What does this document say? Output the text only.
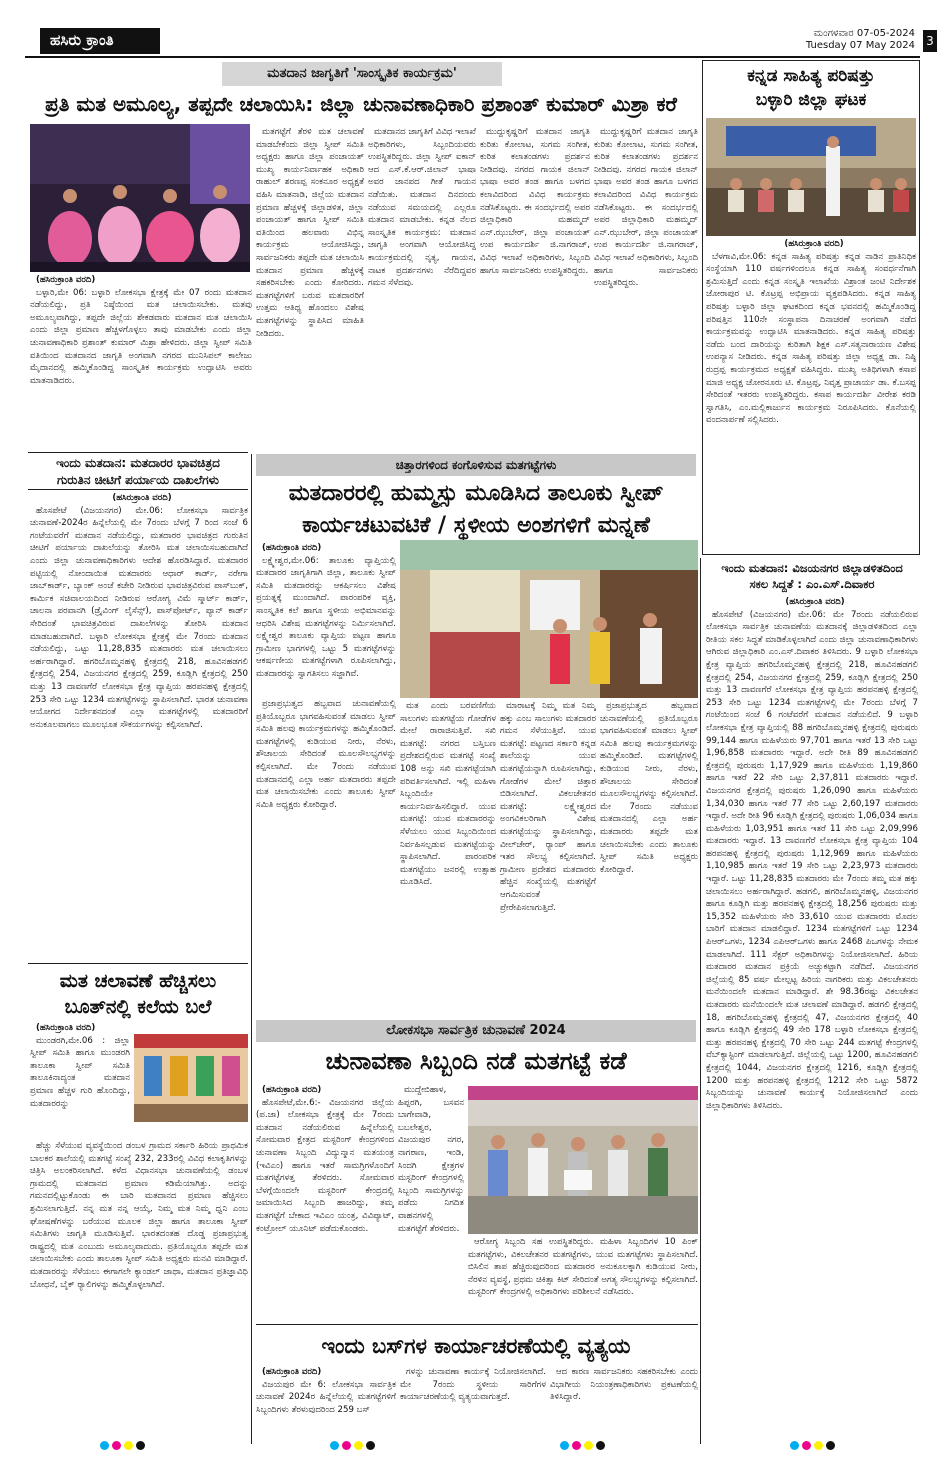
ಹಸಿರು ಕ್ರಾಂತಿ	ಮಂಗಳವಾರ 07-05-2024
Tuesday 07 May 2024 3
ಮತದಾನ ಜಾಗೃತಿಗೆ 'ಸಾಂಸ್ಕೃತಿಕ ಕಾರ್ಯಕ್ರಮ'
ಪ್ರತಿ ಮತ ಅಮೂಲ್ಯ, ತಪ್ಪದೇ ಚಲಾಯಿಸಿ: ಜಿಲ್ಲಾ ಚುನಾವಣಾಧಿಕಾರಿ ಪ್ರಶಾಂತ್ ಕುಮಾರ್ ಮಿಶ್ರಾ ಕರೆ
(ಹಸಿರುಕ್ರಾಂತಿ ವರದಿ)

ಬಳ್ಳಾರಿ,ಮೇ 06: ಬಳ್ಳಾರಿ ಲೋಕಸಭಾ ಕ್ಷೇತ್ರಕ್ಕೆ ಮೇ 07 ರಂದು ಮತದಾನ ನಡೆಯಲಿದ್ದು, ಪ್ರತಿ ನಿಷ್ಠೆಯಿಂದ ಮತ ಚಲಾಯಿಸಬೇಕು. ಮತವು ಅಮೂಲ್ಯವಾಗಿದ್ದು, ತಪ್ಪದೇ ಜಿಲ್ಲೆಯ ಶೇಕಡವಾರು ಮತದಾನ ಮತ ಚಲಾಯಿಸಿ ಎಂದು ಜಿಲ್ಲಾ ಪ್ರಮಾಣ ಹೆಚ್ಚಳಗೊಳ್ಳಲು ತಾವು ಮಾಡಬೇಕು ಎಂದು ಜಿಲ್ಲಾ ಚುನಾವಣಾಧಿಕಾರಿ ಪ್ರಶಾಂತ್ ಕುಮಾರ್ ಮಿಶ್ರಾ ಹೇಳಿದರು. ಜಿಲ್ಲಾ ಸ್ವೀಪ್ ಸಮಿತಿ ವತಿಯಿಂದ ಮತದಾನದ ಜಾಗೃತಿ ಅಂಗವಾಗಿ ನಗರದ ಮುನಿಸಿಪಲ್ ಕಾಲೇಜು ಮೈದಾನದಲ್ಲಿ ಹಮ್ಮಿಕೊಂಡಿದ್ದ ಸಾಂಸ್ಕೃತಿಕ ಕಾರ್ಯಕ್ರಮ ಉದ್ಘಾಟಿಸಿ ಅವರು ಮಾತನಾಡಿದರು.

ಮತಗಟ್ಟೆಗೆ ತೆರಳಿ ಮತ ಚಲಾವಣೆ ಮಾಡಬೇಕೆಂದು ಜಿಲ್ಲಾ ಸ್ವೀಪ್ ಸಮಿತಿ ಅಧ್ಯಕ್ಷರು ಹಾಗೂ ಜಿಲ್ಲಾ ಪಂಚಾಯತ್ ಮುಖ್ಯ ಕಾರ್ಯನಿರ್ವಾಹಕ ಅಧಿಕಾರಿ ರಾಹುಲ್ ಶರಣಪ್ಪ ಸಂಕನೂರ ಅಧ್ಯಕ್ಷತೆ ವಹಿಸಿ ಮಾತನಾಡಿ, ಜಿಲ್ಲೆಯ ಮತದಾನ ಪ್ರಮಾಣ ಹೆಚ್ಚಳಕ್ಕೆ ಜಿಲ್ಲಾಡಳಿತ, ಜಿಲ್ಲಾ ಪಂಚಾಯತ್ ಹಾಗೂ ಸ್ವೀಪ್ ಸಮಿತಿ ವತಿಯಿಂದ ಹಲವಾರು ವಿಭಿನ್ನ ಕಾರ್ಯಕ್ರಮ ಆಯೋಜಿಸಿದ್ದು, ಸಾರ್ವಜನಿಕರು ತಪ್ಪದೇ ಮತ ಚಲಾಯಿಸಿ ಮತದಾನ ಪ್ರಮಾಣ ಹೆಚ್ಚಳಕ್ಕೆ ಸಹಕರಿಸಬೇಕು ಎಂದು ಕೋರಿದರು. ಮತಗಟ್ಟೆಗಳಿಗೆ ಬರುವ ಮತದಾರರಿಗೆ ಉತ್ತಮ ಆತಿಥ್ಯ ಹೊಂದಲು ವಿಶೇಷ ಮತಗಟ್ಟೆಗಳನ್ನು ಸ್ಥಾಪಿಸಿದ ಮಾಹಿತಿ ನೀಡಿದರು.

ಮತದಾನದ ಜಾಗೃತಿಗೆ ವಿವಿಧ ಇಲಾಖೆ ಅಧಿಕಾರಿಗಳು, ಸಿಬ್ಬಂದಿಯವರು ಉಪಸ್ಥಿತರಿದ್ದರು. ಜಿಲ್ಲಾ ಸ್ವೀಪ್ ಐಕಾನ್ ಆದ ಎಸ್.ಕೆ.ಆರ್.ಜಿಲಾನ್ ಭಾಷಾ ಅವರ ಜಾನಪದ ಗೀತೆ ಗಾಯನ ನಡೆಯಿತು. ಮತದಾನ ದಿನದಂದು ನಡೆಯುವ ಸಮಯದಲ್ಲಿ ಎಲ್ಲರೂ ಮತದಾನ ಮಾಡಬೇಕು. ಕನ್ನಡ ನೆಲದ ಸಾಂಸ್ಕೃತಿಕ ಕಾರ್ಯಕ್ರಮ: ಮತದಾನ ಜಾಗೃತಿ ಅಂಗವಾಗಿ ಆಯೋಜಿಸಿದ್ದ ಕಾರ್ಯಕ್ರಮದಲ್ಲಿ ನೃತ್ಯ, ಗಾಯನ, ನಾಟಕ ಪ್ರದರ್ಶನಗಳು ನೆರೆದಿದ್ದವರ ಗಮನ ಸೆಳೆದವು.

ಮುದ್ದುಕೃಷ್ಣರಿಗೆ ಮತದಾನ ಜಾಗೃತಿ ಕುರಿತು ಕೋಲಾಟ, ಸುಗಮ ಸಂಗೀತ, ಕುರಿತ ಕಲಾತಂಡಗಳು ಪ್ರದರ್ಶನ ನೀಡಿದವು. ನಗರದ ಗಾಯಕ ಜಿಲಾನ್ ಭಾಷಾ ಅವರ ತಂಡ ಹಾಗೂ ಬಳಗದ ಕಲಾವಿದರಿಂದ ವಿವಿಧ ಕಾರ್ಯಕ್ರಮ ನಡೆಸಿಕೊಟ್ಟರು. ಈ ಸಂದರ್ಭದಲ್ಲಿ ಅಪರ ಜಿಲ್ಲಾಧಿಕಾರಿ ಮಹಮ್ಮದ್ ಎನ್.ಝುಬೇರ್, ಜಿಲ್ಲಾ ಪಂಚಾಯತ್ ಉಪ ಕಾರ್ಯದರ್ಶಿ ಜಿ.ನಾಗರಾಜ್, ವಿವಿಧ ಇಲಾಖೆ ಅಧಿಕಾರಿಗಳು, ಸಿಬ್ಬಂದಿ ಹಾಗೂ ಸಾರ್ವಜನಿಕರು ಉಪಸ್ಥಿತರಿದ್ದರು.

ಮುದ್ದುಕೃಷ್ಣರಿಗೆ ಮತದಾನ ಜಾಗೃತಿ ಕುರಿತು ಕೋಲಾಟ, ಸುಗಮ ಸಂಗೀತ, ಕುರಿತ ಕಲಾತಂಡಗಳು ಪ್ರದರ್ಶನ ನೀಡಿದವು. ನಗರದ ಗಾಯಕ ಜಿಲಾನ್ ಭಾಷಾ ಅವರ ತಂಡ ಹಾಗೂ ಬಳಗದ ಕಲಾವಿದರಿಂದ ವಿವಿಧ ಕಾರ್ಯಕ್ರಮ ನಡೆಸಿಕೊಟ್ಟರು. ಈ ಸಂದರ್ಭದಲ್ಲಿ ಅಪರ ಜಿಲ್ಲಾಧಿಕಾರಿ ಮಹಮ್ಮದ್ ಎನ್.ಝುಬೇರ್, ಜಿಲ್ಲಾ ಪಂಚಾಯತ್ ಉಪ ಕಾರ್ಯದರ್ಶಿ ಜಿ.ನಾಗರಾಜ್, ವಿವಿಧ ಇಲಾಖೆ ಅಧಿಕಾರಿಗಳು, ಸಿಬ್ಬಂದಿ ಹಾಗೂ ಸಾರ್ವಜನಿಕರು ಉಪಸ್ಥಿತರಿದ್ದರು.

ಕನ್ನಡ ಸಾಹಿತ್ಯ ಪರಿಷತ್ತು
ಬಳ್ಳಾರಿ ಜಿಲ್ಲಾ ಘಟಕ
(ಹಸಿರುಕ್ರಾಂತಿ ವರದಿ)

ಬೆಳಗಾವಿ,ಮೇ.06: ಕನ್ನಡ ಸಾಹಿತ್ಯ ಪರಿಷತ್ತು ಕನ್ನಡ ನಾಡಿನ ಪ್ರಾತಿನಿಧಿಕ ಸಂಸ್ಥೆಯಾಗಿ 110 ವರ್ಷಗಳಿಂದಲೂ ಕನ್ನಡ ಸಾಹಿತ್ಯ ಸಂವರ್ಧನೆಗಾಗಿ ಶ್ರಮಿಸುತ್ತಿದೆ ಎಂದು ಕನ್ನಡ ಸಂಸ್ಕೃತಿ ಇಲಾಖೆಯ ವಿಶ್ರಾಂತ ಜಂಟಿ ನಿರ್ದೇಶಕ ಜೋರಾಪುರ ಟಿ. ಕೊಟ್ರಪ್ಪ ಅಭಿಪ್ರಾಯ ವ್ಯಕ್ತಪಡಿಸಿದರು. ಕನ್ನಡ ಸಾಹಿತ್ಯ ಪರಿಷತ್ತು ಬಳ್ಳಾರಿ ಜಿಲ್ಲಾ ಘಟಕದಿಂದ ಕನ್ನಡ ಭವನದಲ್ಲಿ ಹಮ್ಮಿಕೊಂಡಿದ್ದ ಪರಿಷತ್ತಿನ 110ನೇ ಸಂಸ್ಥಾಪನಾ ದಿನಾಚರಣೆ ಅಂಗವಾಗಿ ನಡೆದ ಕಾರ್ಯಕ್ರಮವನ್ನು ಉದ್ಘಾಟಿಸಿ ಮಾತನಾಡಿದರು. ಕನ್ನಡ ಸಾಹಿತ್ಯ ಪರಿಷತ್ತು ನಡೆದು ಬಂದ ದಾರಿಯನ್ನು ಕುರಿತಾಗಿ ಶಿಕ್ಷಕ ಎಸ್.ಸತ್ಯನಾರಾಯಣ ವಿಶೇಷ ಉಪನ್ಯಾಸ ನೀಡಿದರು. ಕನ್ನಡ ಸಾಹಿತ್ಯ ಪರಿಷತ್ತು ಜಿಲ್ಲಾ ಅಧ್ಯಕ್ಷ ಡಾ. ನಿಷ್ಠಿ ರುದ್ರಪ್ಪ ಕಾರ್ಯಕ್ರಮದ ಅಧ್ಯಕ್ಷತೆ ವಹಿಸಿದ್ದರು. ಮುಖ್ಯ ಅತಿಥಿಗಳಾಗಿ ಕಸಾಪ ಮಾಜಿ ಅಧ್ಯಕ್ಷ ಚೋರನೂರು ಟಿ. ಕೊಟ್ರಪ್ಪ, ನಿವೃತ್ತ ಪ್ರಾಚಾರ್ಯ ಡಾ. ಕೆ.ಬಸಪ್ಪ ಸೇರಿದಂತೆ ಇತರರು ಉಪಸ್ಥಿತರಿದ್ದರು. ಕಸಾಪ ಕಾರ್ಯದರ್ಶಿ ವೀರೇಶ ಕರಡಿ ಸ್ವಾಗತಿಸಿ, ಎಂ.ಮಲ್ಲಿಕಾರ್ಜುನ ಕಾರ್ಯಕ್ರಮ ನಿರೂಪಿಸಿದರು. ಕೊನೆಯಲ್ಲಿ ವಂದನಾರ್ಪಣೆ ಸಲ್ಲಿಸಿದರು.

ಇಂದು ಮತದಾನ: ಮತದಾರರ ಭಾವಚಿತ್ರದ
ಗುರುತಿನ ಚೀಟಿಗೆ ಪರ್ಯಾಯ ದಾಖಲೆಗಳು
(ಹಸಿರುಕ್ರಾಂತಿ ವರದಿ)

ಹೊಸಪೇಟೆ (ವಿಜಯನಗರ) ಮೇ.06: ಲೋಕಸಭಾ ಸಾರ್ವತ್ರಿಕ ಚುನಾವಣೆ-2024ರ ಹಿನ್ನೆಲೆಯಲ್ಲಿ ಮೇ 7ರಂದು ಬೆಳಗ್ಗೆ 7 ರಿಂದ ಸಂಜೆ 6 ಗಂಟೆಯವರೆಗೆ ಮತದಾನ ನಡೆಯಲಿದ್ದು, ಮತದಾರರ ಭಾವಚಿತ್ರದ ಗುರುತಿನ ಚೀಟಿಗೆ ಪರ್ಯಾಯ ದಾಖಲೆಯನ್ನು ತೋರಿಸಿ ಮತ ಚಲಾಯಿಸಬಹುದಾಗಿದೆ ಎಂದು ಜಿಲ್ಲಾ ಚುನಾವಣಾಧಿಕಾರಿಗಳು ಆದೇಶ ಹೊರಡಿಸಿದ್ದಾರೆ. ಮತದಾರರ ಪಟ್ಟಿಯಲ್ಲಿ ನೋಂದಾಯಿತ ಮತದಾರರು ಆಧಾರ್ ಕಾರ್ಡ್, ನರೇಗಾ ಜಾಬ್‌ಕಾರ್ಡ್, ಬ್ಯಾಂಕ್ ಅಂಚೆ ಕಚೇರಿ ನೀಡಿರುವ ಭಾವಚಿತ್ರವಿರುವ ಪಾಸ್‌ಬುಕ್, ಕಾರ್ಮಿಕ ಸಚಿವಾಲಯದಿಂದ ನೀಡಿರುವ ಆರೋಗ್ಯ ವಿಮೆ ಸ್ಮಾರ್ಟ್ ಕಾರ್ಡ್, ಚಾಲನಾ ಪರವಾನಗಿ (ಡ್ರೈವಿಂಗ್ ಲೈಸೆನ್ಸ್), ಪಾಸ್‌ಪೋರ್ಟ್, ಪ್ಯಾನ್ ಕಾರ್ಡ್ ಸೇರಿದಂತೆ ಭಾವಚಿತ್ರವಿರುವ ದಾಖಲೆಗಳನ್ನು ತೋರಿಸಿ ಮತದಾನ ಮಾಡಬಹುದಾಗಿದೆ. ಬಳ್ಳಾರಿ ಲೋಕಸಭಾ ಕ್ಷೇತ್ರಕ್ಕೆ ಮೇ 7ರಂದು ಮತದಾನ ನಡೆಯಲಿದ್ದು, ಒಟ್ಟು 11,28,835 ಮತದಾರರು ಮತ ಚಲಾಯಿಸಲು ಅರ್ಹರಾಗಿದ್ದಾರೆ. ಹಗರಿಬೊಮ್ಮನಹಳ್ಳಿ ಕ್ಷೇತ್ರದಲ್ಲಿ 218, ಹೂವಿನಹಡಗಲಿ ಕ್ಷೇತ್ರದಲ್ಲಿ 254, ವಿಜಯನಗರ ಕ್ಷೇತ್ರದಲ್ಲಿ 259, ಕೂಡ್ಲಿಗಿ ಕ್ಷೇತ್ರದಲ್ಲಿ 250 ಮತ್ತು 13 ದಾವಣಗೆರೆ ಲೋಕಸಭಾ ಕ್ಷೇತ್ರ ವ್ಯಾಪ್ತಿಯ ಹರಪನಹಳ್ಳಿ ಕ್ಷೇತ್ರದಲ್ಲಿ 253 ಸೇರಿ ಒಟ್ಟು 1234 ಮತಗಟ್ಟೆಗಳನ್ನು ಸ್ಥಾಪಿಸಲಾಗಿದೆ. ಭಾರತ ಚುನಾವಣಾ ಆಯೋಗದ ನಿರ್ದೇಶನದಂತೆ ಎಲ್ಲಾ ಮತಗಟ್ಟೆಗಳಲ್ಲಿ ಮತದಾರರಿಗೆ ಅನುಕೂಲವಾಗಲು ಮೂಲಭೂತ ಸೌಕರ್ಯಗಳನ್ನು ಕಲ್ಪಿಸಲಾಗಿದೆ.

ಮತ ಚಲಾವಣೆ ಹೆಚ್ಚಿಸಲು
ಬೂತ್‌ನಲ್ಲಿ ಕಲೆಯ ಬಲೆ
(ಹಸಿರುಕ್ರಾಂತಿ ವರದಿ)

ಮುಂಡರಗಿ,ಮೇ.06 : ಜಿಲ್ಲಾ ಸ್ವೀಪ್ ಸಮಿತಿ ಹಾಗೂ ಮುಂಡರಗಿ ತಾಲೂಕಾ ಸ್ವೀಪ್ ಸಮಿತಿ ತಾಲೂಕಿನಾದ್ಯಂತ ಮತದಾನ ಪ್ರಮಾಣ ಹೆಚ್ಚಳ ಗುರಿ ಹೊಂದಿದ್ದು, ಮತದಾರರನ್ನು

ಹೆಚ್ಚು ಸೆಳೆಯುವ ವ್ಯವಸ್ಥೆಯಿಂದ ಡಂಬಳ ಗ್ರಾಮದ ಸರ್ಕಾರಿ ಹಿರಿಯ ಪ್ರಾಥಮಿಕ ಬಾಲಕರ ಶಾಲೆಯಲ್ಲಿ ಮತಗಟ್ಟೆ ಸಂಖ್ಯೆ 232, 233ರಲ್ಲಿ ವಿವಿಧ ಕಲಾಕೃತಿಗಳನ್ನು ಚಿತ್ರಿಸಿ ಅಲಂಕರಿಸಲಾಗಿದೆ. ಕಳೆದ ವಿಧಾನಸಭಾ ಚುನಾವಣೆಯಲ್ಲಿ ಡಂಬಳ ಗ್ರಾಮದಲ್ಲಿ ಮತದಾನದ ಪ್ರಮಾಣ ಕಡಿಮೆಯಾಗಿತ್ತು. ಅದನ್ನು ಗಮನದಲ್ಲಿಟ್ಟುಕೊಂಡು ಈ ಬಾರಿ ಮತದಾನದ ಪ್ರಮಾಣ ಹೆಚ್ಚಿಸಲು ಶ್ರಮಿಸಲಾಗುತ್ತಿದೆ. ನನ್ನ ಮತ ನನ್ನ ಆಯ್ಕೆ, ನಿಮ್ಮ ಮತ ನಿಮ್ಮ ಧ್ವನಿ ಎಂಬ ಘೋಷಣೆಗಳನ್ನು ಬರೆಯುವ ಮೂಲಕ ಜಿಲ್ಲಾ ಹಾಗೂ ತಾಲೂಕಾ ಸ್ವೀಪ್ ಸಮಿತಿಗಳು ಜಾಗೃತಿ ಮೂಡಿಸುತ್ತಿವೆ. ಭಾರತದಂತಹ ದೊಡ್ಡ ಪ್ರಜಾಪ್ರಭುತ್ವ ರಾಷ್ಟ್ರದಲ್ಲಿ ಮತ ಎಂಬುದು ಅಮೂಲ್ಯವಾದುದು. ಪ್ರತಿಯೊಬ್ಬರೂ ತಪ್ಪದೇ ಮತ ಚಲಾಯಿಸಬೇಕು ಎಂದು ತಾಲೂಕಾ ಸ್ವೀಪ್ ಸಮಿತಿ ಅಧ್ಯಕ್ಷರು ಮನವಿ ಮಾಡಿದ್ದಾರೆ. ಮತದಾರರನ್ನು ಸೆಳೆಯಲು ಈಗಾಗಲೇ ಕ್ಯಾಂಡಲ್ ಜಾಥಾ, ಮತದಾನ ಪ್ರತಿಜ್ಞಾವಿಧಿ ಬೋಧನೆ, ಬೈಕ್ ರ‍್ಯಾಲಿಗಳನ್ನು ಹಮ್ಮಿಕೊಳ್ಳಲಾಗಿದೆ.

ಚಿತ್ತಾರಗಳಿಂದ ಕಂಗೊಳಿಸುವ ಮತಗಟ್ಟೆಗಳು
ಮತದಾರರಲ್ಲಿ ಹುಮ್ಮಸ್ಸು ಮೂಡಿಸಿದ ತಾಲೂಕು ಸ್ವೀಪ್
ಕಾರ್ಯಚಟುವಟಿಕೆ / ಸ್ಥಳೀಯ ಅಂಶಗಳಿಗೆ ಮನ್ನಣೆ
(ಹಸಿರುಕ್ರಾಂತಿ ವರದಿ)

ಲಕ್ಷ್ಮೇಶ್ವರ,ಮೇ.06: ತಾಲೂಕು ವ್ಯಾಪ್ತಿಯಲ್ಲಿ ಮತದಾರರ ಜಾಗೃತಿಗಾಗಿ ಜಿಲ್ಲಾ, ತಾಲೂಕು ಸ್ವೀಪ್ ಸಮಿತಿ ಮತದಾರರನ್ನು ಆಕರ್ಷಿಸಲು ವಿಶೇಷ ಪ್ರಯತ್ನಕ್ಕೆ ಮುಂದಾಗಿದೆ. ಪಾರಂಪರಿಕ ವ್ಯಕ್ತಿ, ಸಾಂಸ್ಕೃತಿಕ ಕಲೆ ಹಾಗೂ ಸ್ಥಳೀಯ ಅಭಿಮಾನವನ್ನು ಆಧರಿಸಿ ವಿಶೇಷ ಮತಗಟ್ಟೆಗಳನ್ನು ನಿರ್ಮಿಸಲಾಗಿದೆ. ಲಕ್ಷ್ಮೇಶ್ವರ ತಾಲೂಕು ವ್ಯಾಪ್ತಿಯ ಪಟ್ಟಣ ಹಾಗೂ ಗ್ರಾಮೀಣ ಭಾಗಗಳಲ್ಲಿ ಒಟ್ಟು 5 ಮತಗಟ್ಟೆಗಳನ್ನು ಆಕರ್ಷಣೀಯ ಮತಗಟ್ಟೆಗಳಾಗಿ ರೂಪಿಸಲಾಗಿದ್ದು, ಮತದಾರರನ್ನು ಸ್ವಾಗತಿಸಲು ಸಜ್ಜಾಗಿವೆ.

ಪ್ರಜಾಪ್ರಭುತ್ವದ ಹಬ್ಬವಾದ ಚುನಾವಣೆಯಲ್ಲಿ ಪ್ರತಿಯೊಬ್ಬರೂ ಭಾಗವಹಿಸುವಂತೆ ಮಾಡಲು ಸ್ವೀಪ್ ಸಮಿತಿ ಹಲವು ಕಾರ್ಯಕ್ರಮಗಳನ್ನು ಹಮ್ಮಿಕೊಂಡಿದೆ. ಮತಗಟ್ಟೆಗಳಲ್ಲಿ ಕುಡಿಯುವ ನೀರು, ನೆರಳು, ಶೌಚಾಲಯ ಸೇರಿದಂತೆ ಮೂಲಸೌಲಭ್ಯಗಳನ್ನು ಕಲ್ಪಿಸಲಾಗಿದೆ. ಮೇ 7ರಂದು ನಡೆಯುವ ಮತದಾನದಲ್ಲಿ ಎಲ್ಲಾ ಅರ್ಹ ಮತದಾರರು ತಪ್ಪದೇ ಮತ ಚಲಾಯಿಸಬೇಕು ಎಂದು ತಾಲೂಕು ಸ್ವೀಪ್ ಸಮಿತಿ ಅಧ್ಯಕ್ಷರು ಕೋರಿದ್ದಾರೆ.

ಮತ ಎಂದು ಬರವಣಿಗೆಯ ಸಾಲುಗಳು ಮತಗಟ್ಟೆಯ ಗೋಡೆಗಳ ಮೇಲೆ ರಾರಾಜಿಸುತ್ತಿವೆ. ಸಖಿ ಮತಗಟ್ಟೆ: ನಗರದ ಬಸ್ತಿಬಣ ಪ್ರದೇಶದಲ್ಲಿರುವ ಮತಗಟ್ಟೆ ಸಂಖ್ಯೆ 108 ಅನ್ನು ಸಖಿ ಮತಗಟ್ಟೆಯಾಗಿ ಪರಿವರ್ತಿಸಲಾಗಿದೆ. ಇಲ್ಲಿ ಮಹಿಳಾ ಸಿಬ್ಬಂದಿಯೇ ಕಾರ್ಯನಿರ್ವಹಿಸಲಿದ್ದಾರೆ. ಯುವ ಮತಗಟ್ಟೆ: ಯುವ ಮತದಾರರನ್ನು ಸೆಳೆಯಲು ಯುವ ಸಿಬ್ಬಂದಿಯಿಂದ ನಿರ್ವಹಿಸಲ್ಪಡುವ ಮತಗಟ್ಟೆಯನ್ನು ಸ್ಥಾಪಿಸಲಾಗಿದೆ. ಪಾರಂಪರಿಕ ಮತಗಟ್ಟೆಯು ಜನರಲ್ಲಿ ಉತ್ಸಾಹ ಮೂಡಿಸಿದೆ.

ಮಾರಾಟಕ್ಕೆ ನಿಮ್ಮ ಮತ ನಿಮ್ಮ ಹಕ್ಕು ಎಂಬ ಸಾಲುಗಳು ಮತದಾರರ ಗಮನ ಸೆಳೆಯುತ್ತಿವೆ. ಯುವ ಮತಗಟ್ಟೆ: ಪಟ್ಟಣದ ಸರ್ಕಾರಿ ಕನ್ನಡ ಶಾಲೆಯನ್ನು ಯುವ ಮತಗಟ್ಟೆಯನ್ನಾಗಿ ರೂಪಿಸಲಾಗಿದ್ದು, ಗೋಡೆಗಳ ಮೇಲೆ ಚಿತ್ತಾರ ಬಿಡಿಸಲಾಗಿದೆ. ವಿಕಲಚೇತನರ ಮತಗಟ್ಟೆ: ಲಕ್ಷ್ಮೇಶ್ವರದ ಅಂಗವಿಕಲರಿಗಾಗಿ ವಿಶೇಷ ಮತಗಟ್ಟೆಯನ್ನು ಸ್ಥಾಪಿಸಲಾಗಿದ್ದು, ವೀಲ್‌ಚೇರ್, ರ‍್ಯಾಂಪ್ ಹಾಗೂ ಇತರ ಸೌಲಭ್ಯ ಕಲ್ಪಿಸಲಾಗಿದೆ. ಗ್ರಾಮೀಣ ಪ್ರದೇಶದ ಮತದಾರರು ಹೆಚ್ಚಿನ ಸಂಖ್ಯೆಯಲ್ಲಿ ಮತಗಟ್ಟೆಗೆ ಆಗಮಿಸುವಂತೆ ಪ್ರೇರೇಪಿಸಲಾಗುತ್ತಿದೆ.

ಪ್ರಜಾಪ್ರಭುತ್ವದ ಹಬ್ಬವಾದ ಚುನಾವಣೆಯಲ್ಲಿ ಪ್ರತಿಯೊಬ್ಬರೂ ಭಾಗವಹಿಸುವಂತೆ ಮಾಡಲು ಸ್ವೀಪ್ ಸಮಿತಿ ಹಲವು ಕಾರ್ಯಕ್ರಮಗಳನ್ನು ಹಮ್ಮಿಕೊಂಡಿದೆ. ಮತಗಟ್ಟೆಗಳಲ್ಲಿ ಕುಡಿಯುವ ನೀರು, ನೆರಳು, ಶೌಚಾಲಯ ಸೇರಿದಂತೆ ಮೂಲಸೌಲಭ್ಯಗಳನ್ನು ಕಲ್ಪಿಸಲಾಗಿದೆ. ಮೇ 7ರಂದು ನಡೆಯುವ ಮತದಾನದಲ್ಲಿ ಎಲ್ಲಾ ಅರ್ಹ ಮತದಾರರು ತಪ್ಪದೇ ಮತ ಚಲಾಯಿಸಬೇಕು ಎಂದು ತಾಲೂಕು ಸ್ವೀಪ್ ಸಮಿತಿ ಅಧ್ಯಕ್ಷರು ಕೋರಿದ್ದಾರೆ.

ಇಂದು ಮತದಾನ: ವಿಜಯನಗರ ಜಿಲ್ಲಾಡಳಿತದಿಂದ
ಸಕಲ ಸಿದ್ದತೆ : ಎಂ.ಎಸ್.ದಿವಾಕರ
(ಹಸಿರುಕ್ರಾಂತಿ ವರದಿ)

ಹೊಸಪೇಟೆ (ವಿಜಯನಗರ) ಮೇ.06: ಮೇ 7ರಂದು ನಡೆಯಲಿರುವ ಲೋಕಸಭಾ ಸಾರ್ವತ್ರಿಕ ಚುನಾವಣೆಯ ಮತದಾನಕ್ಕೆ ಜಿಲ್ಲಾಡಳಿತದಿಂದ ಎಲ್ಲಾ ರೀತಿಯ ಸಕಲ ಸಿದ್ಧತೆ ಮಾಡಿಕೊಳ್ಳಲಾಗಿದೆ ಎಂದು ಜಿಲ್ಲಾ ಚುನಾವಣಾಧಿಕಾರಿಗಳು ಆಗಿರುವ ಜಿಲ್ಲಾಧಿಕಾರಿ ಎಂ.ಎಸ್.ದಿವಾಕರ ತಿಳಿಸಿದರು. 9 ಬಳ್ಳಾರಿ ಲೋಕಸಭಾ ಕ್ಷೇತ್ರ ವ್ಯಾಪ್ತಿಯ ಹಗರಿಬೊಮ್ಮನಹಳ್ಳಿ ಕ್ಷೇತ್ರದಲ್ಲಿ 218, ಹೂವಿನಹಡಗಲಿ ಕ್ಷೇತ್ರದಲ್ಲಿ 254, ವಿಜಯನಗರ ಕ್ಷೇತ್ರದಲ್ಲಿ 259, ಕೂಡ್ಲಿಗಿ ಕ್ಷೇತ್ರದಲ್ಲಿ 250 ಮತ್ತು 13 ದಾವಣಗೆರೆ ಲೋಕಸಭಾ ಕ್ಷೇತ್ರ ವ್ಯಾಪ್ತಿಯ ಹರಪನಹಳ್ಳಿ ಕ್ಷೇತ್ರದಲ್ಲಿ 253 ಸೇರಿ ಒಟ್ಟು 1234 ಮತಗಟ್ಟೆಗಳಲ್ಲಿ ಮೇ 7ರಂದು ಬೆಳಗ್ಗೆ 7 ಗಂಟೆಯಿಂದ ಸಂಜೆ 6 ಗಂಟೆವರೆಗೆ ಮತದಾನ ನಡೆಯಲಿದೆ. 9 ಬಳ್ಳಾರಿ ಲೋಕಸಭಾ ಕ್ಷೇತ್ರ ವ್ಯಾಪ್ತಿಯಲ್ಲಿ 88 ಹಗರಿಬೊಮ್ಮನಹಳ್ಳಿ ಕ್ಷೇತ್ರದಲ್ಲಿ ಪುರುಷರು 99,144 ಹಾಗೂ ಮಹಿಳೆಯರು 97,701 ಹಾಗೂ ಇತರೆ 13 ಸೇರಿ ಒಟ್ಟು 1,96,858 ಮತದಾರರು ಇದ್ದಾರೆ. ಅದೇ ರೀತಿ 89 ಹೂವಿನಹಡಗಲಿ ಕ್ಷೇತ್ರದಲ್ಲಿ ಪುರುಷರು 1,17,929 ಹಾಗೂ ಮಹಿಳೆಯರು 1,19,860 ಹಾಗೂ ಇತರೆ 22 ಸೇರಿ ಒಟ್ಟು 2,37,811 ಮತದಾರರು ಇದ್ದಾರೆ. ವಿಜಯನಗರ ಕ್ಷೇತ್ರದಲ್ಲಿ ಪುರುಷರು 1,26,090 ಹಾಗೂ ಮಹಿಳೆಯರು 1,34,030 ಹಾಗೂ ಇತರೆ 77 ಸೇರಿ ಒಟ್ಟು 2,60,197 ಮತದಾರರು ಇದ್ದಾರೆ. ಅದೇ ರೀತಿ 96 ಕೂಡ್ಲಿಗಿ ಕ್ಷೇತ್ರದಲ್ಲಿ ಪುರುಷರು 1,06,034 ಹಾಗೂ ಮಹಿಳೆಯರು 1,03,951 ಹಾಗೂ ಇತರೆ 11 ಸೇರಿ ಒಟ್ಟು 2,09,996 ಮತದಾರರು ಇದ್ದಾರೆ. 13 ದಾವಣಗೆರೆ ಲೋಕಸಭಾ ಕ್ಷೇತ್ರ ವ್ಯಾಪ್ತಿಯ 104 ಹರಪನಹಳ್ಳಿ ಕ್ಷೇತ್ರದಲ್ಲಿ ಪುರುಷರು 1,12,969 ಹಾಗೂ ಮಹಿಳೆಯರು 1,10,985 ಹಾಗೂ ಇತರೆ 19 ಸೇರಿ ಒಟ್ಟು 2,23,973 ಮತದಾರರು ಇದ್ದಾರೆ. ಒಟ್ಟು 11,28,835 ಮತದಾರರು ಮೇ 7ರಂದು ತಮ್ಮ ಮತ ಹಕ್ಕು ಚಲಾಯಿಸಲು ಅರ್ಹರಾಗಿದ್ದಾರೆ. ಹಡಗಲಿ, ಹಗರಿಬೊಮ್ಮನಹಳ್ಳಿ, ವಿಜಯನಗರ ಹಾಗೂ ಕೂಡ್ಲಿಗಿ ಮತ್ತು ಹರಪನಹಳ್ಳಿ ಕ್ಷೇತ್ರದಲ್ಲಿ 18,256 ಪುರುಷರು ಮತ್ತು 15,352 ಮಹಿಳೆಯರು ಸೇರಿ 33,610 ಯುವ ಮತದಾರರು ಮೊದಲ ಬಾರಿಗೆ ಮತದಾನ ಮಾಡಲಿದ್ದಾರೆ. 1234 ಮತಗಟ್ಟೆಗಳಿಗೆ ಒಟ್ಟು 1234 ಪಿಆರ್‌ಒಗಳು, 1234 ಎಪಿಆರ್‌ಒಗಳು ಹಾಗೂ 2468 ಪಿಒಗಳನ್ನು ನೇಮಕ ಮಾಡಲಾಗಿದೆ. 111 ಸೆಕ್ಟರ್ ಅಧಿಕಾರಿಗಳನ್ನು ನಿಯೋಜಿಸಲಾಗಿದೆ. ಹಿರಿಯ ಮತದಾರರ ಮತದಾನ ಪ್ರಕ್ರಿಯೆ ಅಚ್ಚುಕಟ್ಟಾಗಿ ನಡೆದಿದೆ. ವಿಜಯನಗರ ಜಿಲ್ಲೆಯಲ್ಲಿ 85 ವರ್ಷ ಮೇಲ್ಪಟ್ಟ ಹಿರಿಯ ನಾಗರಿಕರು ಮತ್ತು ವಿಕಲಚೇತನರು ಮನೆಯಿಂದಲೇ ಮತದಾನ ಮಾಡಿದ್ದಾರೆ. ಶೇ 98.36ರಷ್ಟು ವಿಕಲಚೇತನ ಮತದಾರರು ಮನೆಯಿಂದಲೇ ಮತ ಚಲಾವಣೆ ಮಾಡಿದ್ದಾರೆ. ಹಡಗಲಿ ಕ್ಷೇತ್ರದಲ್ಲಿ 18, ಹಗರಿಬೊಮ್ಮನಹಳ್ಳಿ ಕ್ಷೇತ್ರದಲ್ಲಿ 47, ವಿಜಯನಗರ ಕ್ಷೇತ್ರದಲ್ಲಿ 40 ಹಾಗೂ ಕೂಡ್ಲಿಗಿ ಕ್ಷೇತ್ರದಲ್ಲಿ 49 ಸೇರಿ 178 ಬಳ್ಳಾರಿ ಲೋಕಸಭಾ ಕ್ಷೇತ್ರದಲ್ಲಿ ಮತ್ತು ಹರಪನಹಳ್ಳಿ ಕ್ಷೇತ್ರದಲ್ಲಿ 70 ಸೇರಿ ಒಟ್ಟು 244 ಮತಗಟ್ಟೆ ಕೇಂದ್ರಗಳಲ್ಲಿ ವೆಬ್‌ಕ್ಯಾಸ್ಟಿಂಗ್ ಮಾಡಲಾಗುತ್ತಿದೆ. ಜಿಲ್ಲೆಯಲ್ಲಿ ಒಟ್ಟು 1200, ಹೂವಿನಹಡಗಲಿ ಕ್ಷೇತ್ರದಲ್ಲಿ 1044, ವಿಜಯನಗರ ಕ್ಷೇತ್ರದಲ್ಲಿ 1216, ಕೂಡ್ಲಿಗಿ ಕ್ಷೇತ್ರದಲ್ಲಿ 1200 ಮತ್ತು ಹರಪನಹಳ್ಳಿ ಕ್ಷೇತ್ರದಲ್ಲಿ 1212 ಸೇರಿ ಒಟ್ಟು 5872 ಸಿಬ್ಬಂದಿಯನ್ನು ಚುನಾವಣೆ ಕಾರ್ಯಕ್ಕೆ ನಿಯೋಜಿಸಲಾಗಿದೆ ಎಂದು ಜಿಲ್ಲಾಧಿಕಾರಿಗಳು ತಿಳಿಸಿದರು.

ಲೋಕಸಭಾ ಸಾರ್ವತ್ರಿಕ ಚುನಾವಣೆ 2024
ಚುನಾವಣಾ ಸಿಬ್ಬಂದಿ ನಡೆ ಮತಗಟ್ಟೆ ಕಡೆ
(ಹಸಿರುಕ್ರಾಂತಿ ವರದಿ)

ಹೊಸಪೇಟೆ,ಮೇ.6:- ವಿಜಯನಗರ ಜಿಲ್ಲೆಯ (ಪ.ಜಾ) ಲೋಕಸಭಾ ಕ್ಷೇತ್ರಕ್ಕೆ ಮೇ 7ರಂದು ಮತದಾನ ನಡೆಯಲಿರುವ ಹಿನ್ನೆಲೆಯಲ್ಲಿ ಸೋಮವಾರ ಕ್ಷೇತ್ರದ ಮಸ್ಟರಿಂಗ್ ಕೇಂದ್ರಗಳಿಂದ ಚುನಾವಣಾ ಸಿಬ್ಬಂದಿ ವಿದ್ಯುನ್ಮಾನ ಮತಯಂತ್ರ (ಇವಿಎಂ) ಹಾಗೂ ಇತರೆ ಸಾಮಗ್ರಿಗಳೊಂದಿಗೆ ಮತಗಟ್ಟೆಗಳತ್ತ ತೆರಳಿದರು. ಸೋಮವಾರ ಬೆಳಗ್ಗೆಯಿಂದಲೇ ಮಸ್ಟರಿಂಗ್ ಕೇಂದ್ರದಲ್ಲಿ ಜಮಾಯಿಸಿದ ಸಿಬ್ಬಂದಿ ಹಾಜರಿದ್ದು, ತಮ್ಮ ಮತಗಟ್ಟೆಗೆ ಬೇಕಾದ ಇವಿಎಂ ಯಂತ್ರ, ವಿವಿಪ್ಯಾಟ್, ಕಂಟ್ರೋಲ್ ಯೂನಿಟ್ ಪಡೆದುಕೊಂಡರು.

ಮುದ್ದೇಬಿಹಾಳ, ಹಿಪ್ಪರಗಿ, ಬಸವನ ಬಾಗೇವಾಡಿ, ಬಬಲೇಶ್ವರ, ವಿಜಯಪುರ ನಗರ, ನಾಗಠಾಣ, ಇಂಡಿ, ಸಿಂದಗಿ ಕ್ಷೇತ್ರಗಳ ಮಸ್ಟರಿಂಗ್ ಕೇಂದ್ರಗಳಲ್ಲಿ ಸಿಬ್ಬಂದಿ ಸಾಮಗ್ರಿಗಳನ್ನು ಪಡೆದು ನಿಗದಿತ ವಾಹನಗಳಲ್ಲಿ ಮತಗಟ್ಟೆಗೆ ತೆರಳಿದರು.

ಆರೋಗ್ಯ ಸಿಬ್ಬಂದಿ ಸಹ ಉಪಸ್ಥಿತರಿದ್ದರು. ಮಹಿಳಾ ಸಿಬ್ಬಂದಿಗಳ 10 ಪಿಂಕ್ ಮತಗಟ್ಟೆಗಳು, ವಿಕಲಚೇತನರ ಮತಗಟ್ಟೆಗಳು, ಯುವ ಮತಗಟ್ಟೆಗಳು ಸ್ಥಾಪಿಸಲಾಗಿದೆ. ಬಿಸಿಲಿನ ತಾಪ ಹೆಚ್ಚಿರುವುದರಿಂದ ಮತದಾರರ ಅನುಕೂಲಕ್ಕಾಗಿ ಕುಡಿಯುವ ನೀರು, ನೆರಳಿನ ವ್ಯವಸ್ಥೆ, ಪ್ರಥಮ ಚಿಕಿತ್ಸಾ ಕಿಟ್ ಸೇರಿದಂತೆ ಅಗತ್ಯ ಸೌಲಭ್ಯಗಳನ್ನು ಕಲ್ಪಿಸಲಾಗಿದೆ. ಮಸ್ಟರಿಂಗ್ ಕೇಂದ್ರಗಳಲ್ಲಿ ಅಧಿಕಾರಿಗಳು ಪರಿಶೀಲನೆ ನಡೆಸಿದರು.

ಇಂದು ಬಸ್‌ಗಳ ಕಾರ್ಯಾಚರಣೆಯಲ್ಲಿ ವ್ಯತ್ಯಯ
(ಹಸಿರುಕ್ರಾಂತಿ ವರದಿ)

ವಿಜಯಪುರ ಮೇ 6: ಲೋಕಸಭಾ ಸಾರ್ವತ್ರಿಕ ಚುನಾವಣೆ 2024ರ ಹಿನ್ನೆಲೆಯಲ್ಲಿ ಮತಗಟ್ಟೆಗಳಿಗೆ ಸಿಬ್ಬಂದಿಗಳು ತೆರಳುವುದರಿಂದ 259 ಬಸ್

ಗಳನ್ನು ಚುನಾವಣಾ ಕಾರ್ಯಕ್ಕೆ ನಿಯೋಜಿಸಲಾಗಿದೆ. ಮೇ 7ರಂದು ಸ್ಥಳೀಯ ಸಾರಿಗೆಗಳ ಕಾರ್ಯಾಚರಣೆಯಲ್ಲಿ ವ್ಯತ್ಯಯವಾಗುತ್ತದೆ.

ಆದ ಕಾರಣ ಸಾರ್ವಜನಿಕರು ಸಹಕರಿಸಬೇಕು ಎಂದು ವಿಭಾಗೀಯ ನಿಯಂತ್ರಣಾಧಿಕಾರಿಗಳು ಪ್ರಕಟಣೆಯಲ್ಲಿ ತಿಳಿಸಿದ್ದಾರೆ.
